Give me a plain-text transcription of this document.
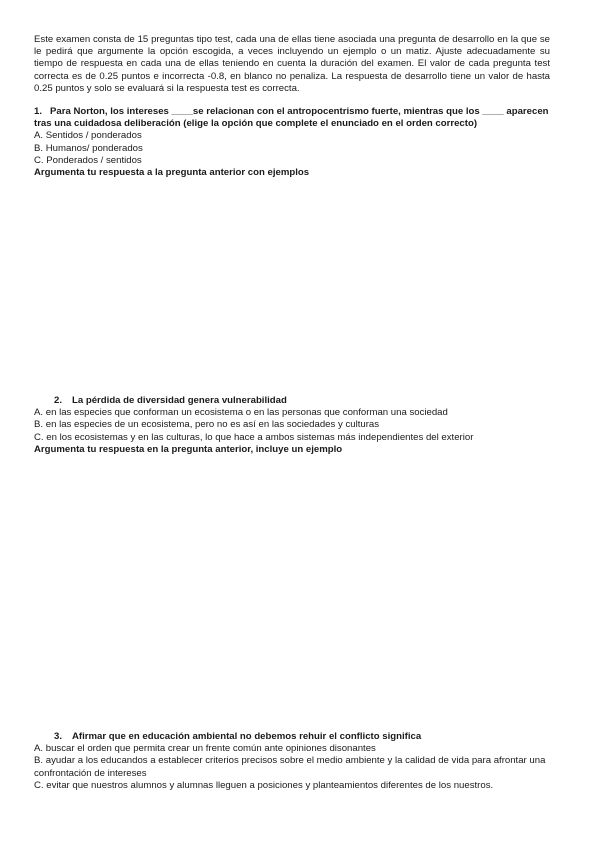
Este examen consta de 15 preguntas tipo test, cada una de ellas tiene asociada una pregunta de desarrollo en la que se le pedirá que argumente la opción escogida, a veces incluyendo un ejemplo o un matiz. Ajuste adecuadamente su tiempo de respuesta en cada una de ellas teniendo en cuenta la duración del examen. El valor de cada pregunta test correcta es de 0.25 puntos e incorrecta -0.8, en blanco no penaliza. La respuesta de desarrollo tiene un valor de hasta 0.25 puntos y solo se evaluará si la respuesta test es correcta.
1. Para Norton, los intereses ____se relacionan con el antropocentrismo fuerte, mientras que los ____ aparecen tras una cuidadosa deliberación (elige la opción que complete el enunciado en el orden correcto)
A. Sentidos / ponderados
B. Humanos/ ponderados
C. Ponderados / sentidos
Argumenta tu respuesta a la pregunta anterior con ejemplos
2. La pérdida de diversidad genera vulnerabilidad
A. en las especies que conforman un ecosistema o en las personas que conforman una sociedad
B. en las especies de un ecosistema, pero no es así en las sociedades y culturas
C. en los ecosistemas y en las culturas, lo que hace a ambos sistemas más independientes del exterior
Argumenta tu respuesta en la pregunta anterior, incluye un ejemplo
3. Afirmar que en educación ambiental no debemos rehuir el conflicto significa
A. buscar el orden que permita crear un frente común ante opiniones disonantes
B. ayudar a los educandos a establecer criterios precisos sobre el medio ambiente y la calidad de vida para afrontar una confrontación de intereses
C. evitar que nuestros alumnos y alumnas lleguen a posiciones y planteamientos diferentes de los nuestros.
